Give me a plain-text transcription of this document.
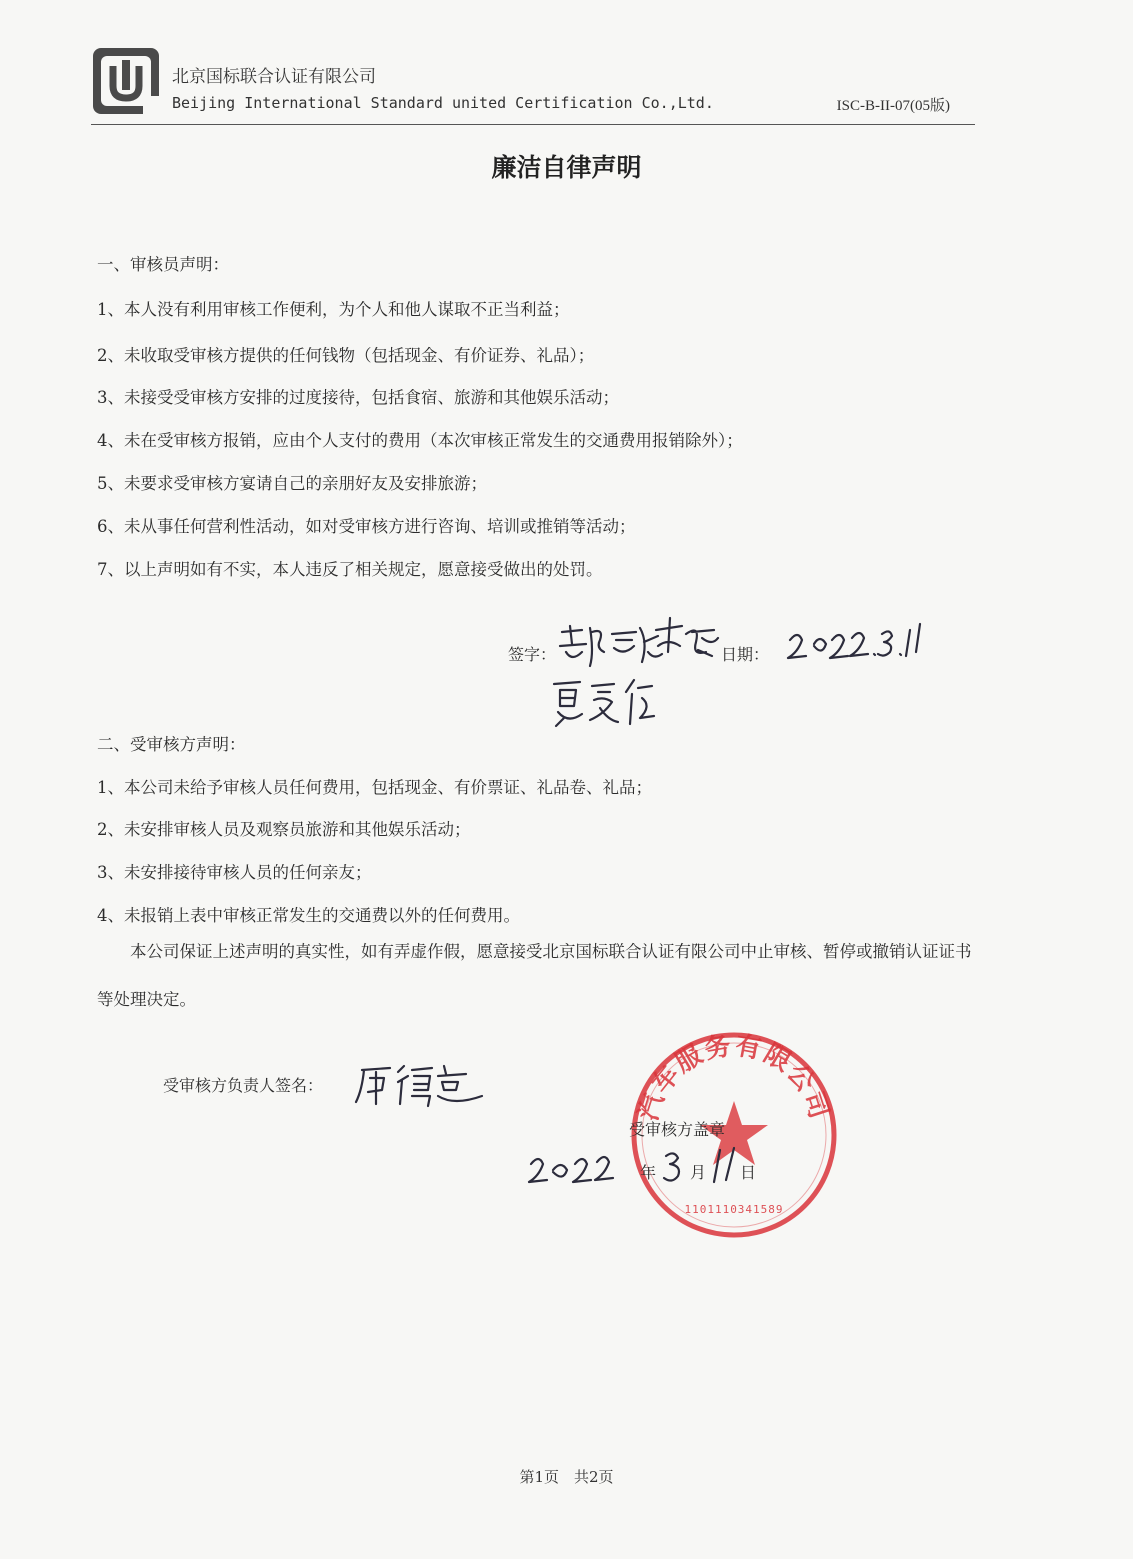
北京国标联合认证有限公司
Beijing International Standard united Certification Co.,Ltd.	ISC-B-II-07(05版)
廉洁自律声明
一、审核员声明：
1、本人没有利用审核工作便利，为个人和他人谋取不正当利益；
2、未收取受审核方提供的任何钱物（包括现金、有价证券、礼品）；
3、未接受受审核方安排的过度接待，包括食宿、旅游和其他娱乐活动；
4、未在受审核方报销，应由个人支付的费用（本次审核正常发生的交通费用报销除外）；
5、未要求受审核方宴请自己的亲朋好友及安排旅游；
6、未从事任何营利性活动，如对受审核方进行咨询、培训或推销等活动；
7、以上声明如有不实，本人违反了相关规定，愿意接受做出的处罚。
签字：	日期：
二、受审核方声明：
1、本公司未给予审核人员任何费用，包括现金、有价票证、礼品卷、礼品；
2、未安排审核人员及观察员旅游和其他娱乐活动；
3、未安排接待审核人员的任何亲友；
4、未报销上表中审核正常发生的交通费以外的任何费用。
本公司保证上述声明的真实性，如有弄虚作假，愿意接受北京国标联合认证有限公司中止审核、暂停或撤销认证证书等处理决定。
受审核方负责人签名：
汽车服务有限公司
1101110341589
受审核方盖章
年 月 日
第1页　共2页
